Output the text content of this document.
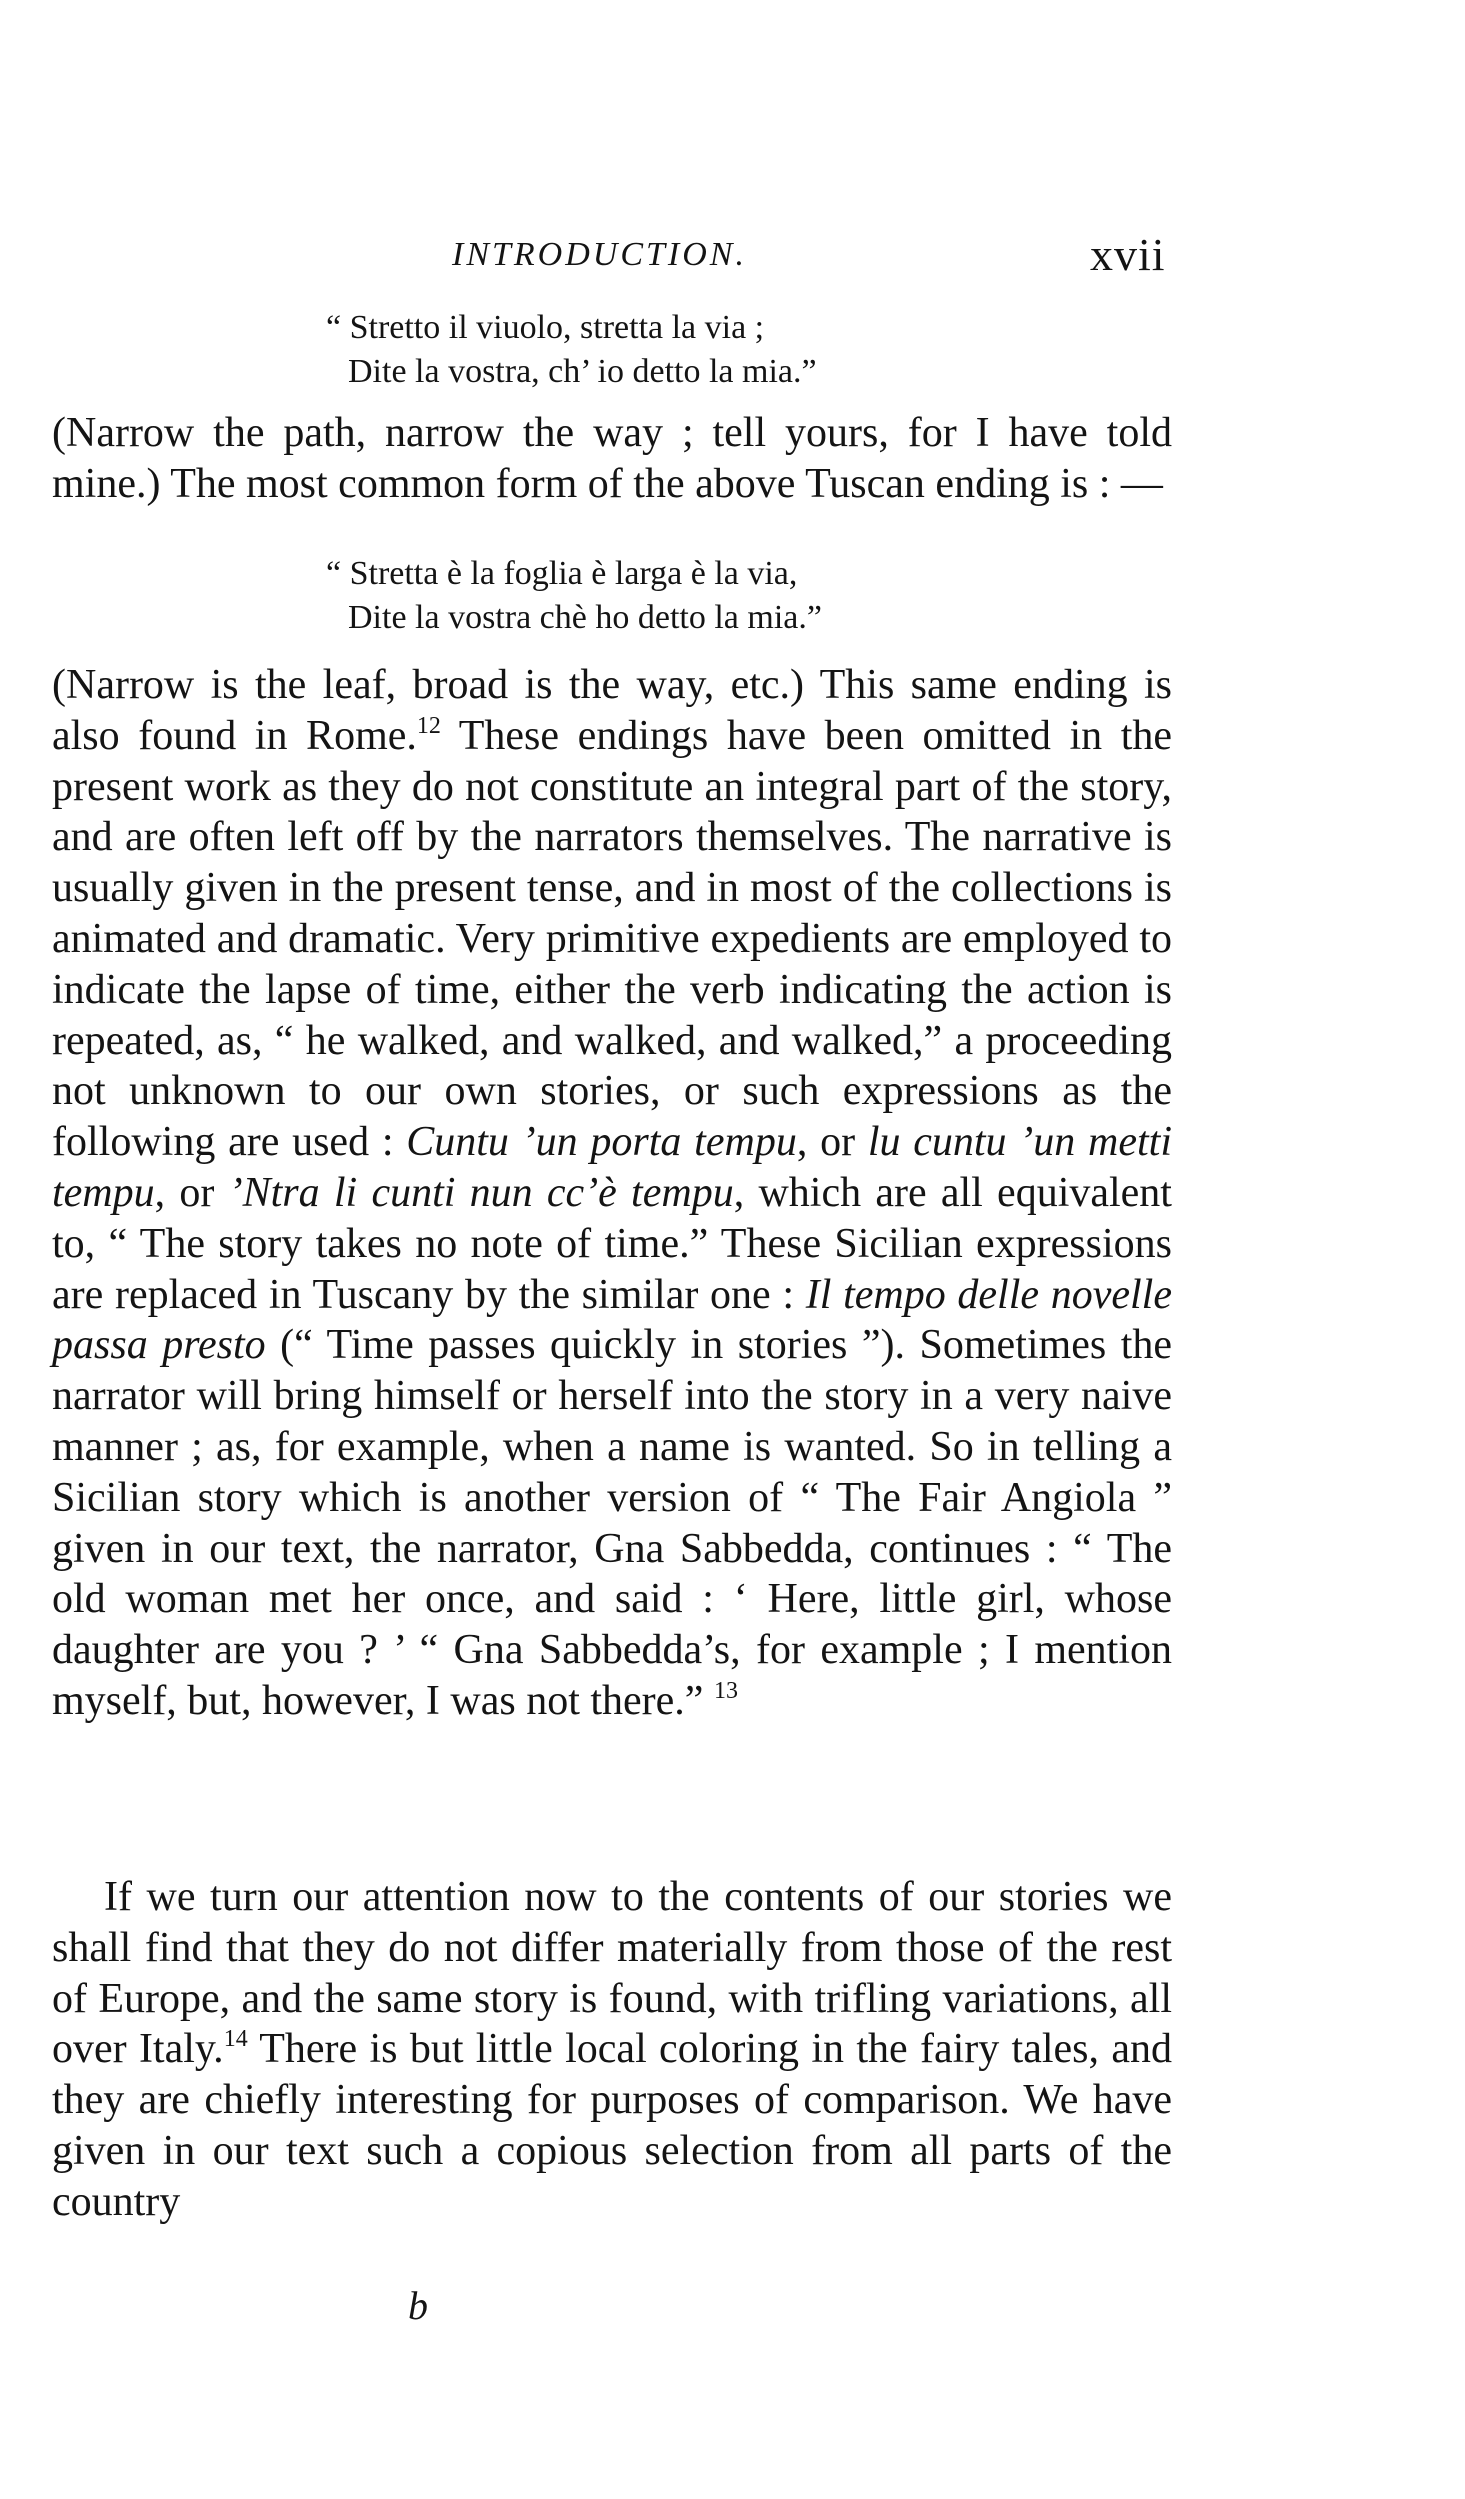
INTRODUCTION.	xvii
“ Stretto il viuolo, stretta la via ;
Dite la vostra, ch’ io detto la mia.”

(Narrow the path, narrow the way ; tell yours, for I have told mine.) The most common form of the above Tuscan ending is : —

“ Stretta è la foglia è larga è la via,
Dite la vostra chè ho detto la mia.”

(Narrow is the leaf, broad is the way, etc.) This same ending is also found in Rome.$^{12}$ These endings have been omitted in the present work as they do not constitute an integral part of the story, and are often left off by the narrators themselves. The narrative is usually given in the present tense, and in most of the collections is animated and dramatic. Very primitive expedients are employed to indicate the lapse of time, either the verb indicating the action is repeated, as, “ he walked, and walked, and walked,” a proceeding not unknown to our own stories, or such expressions as the following are used : Cuntu ’un porta tempu, or lu cuntu ’un metti tempu, or ’Ntra li cunti nun cc’è tempu, which are all equivalent to, “ The story takes no note of time.” These Sicilian expressions are replaced in Tuscany by the similar one : Il tempo delle novelle passa presto (“ Time passes quickly in stories ”). Sometimes the narrator will bring himself or herself into the story in a very naive manner ; as, for example, when a name is wanted. So in telling a Sicilian story which is another version of “ The Fair Angiola ” given in our text, the narrator, Gna Sabbedda, continues : “ The old woman met her once, and said : ‘ Here, little girl, whose daughter are you ? ’ “ Gna Sabbedda’s, for example ; I mention myself, but, however, I was not there.” $^{13}$

If we turn our attention now to the contents of our stories we shall find that they do not differ materially from those of the rest of Europe, and the same story is found, with trifling variations, all over Italy.$^{14}$ There is but little local coloring in the fairy tales, and they are chiefly interesting for purposes of comparison. We have given in our text such a copious selection from all parts of the country

b
